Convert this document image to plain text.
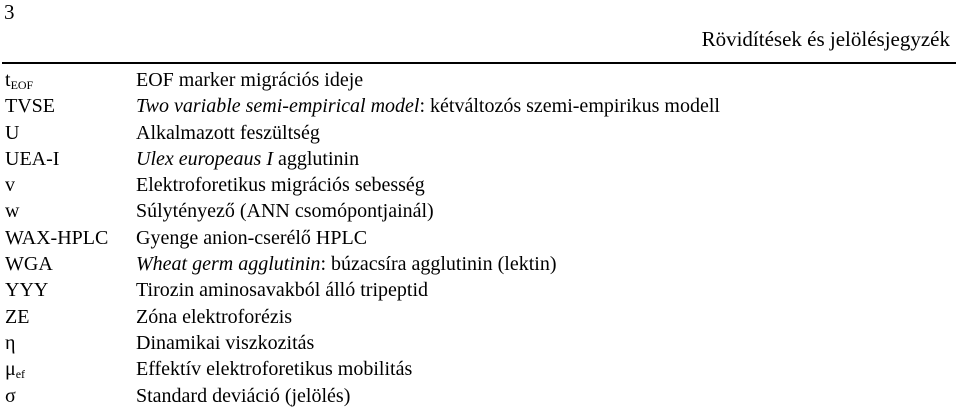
3
Rövidítések és jelölésjegyzék
$t_{EOF}$	EOF marker migrációs ideje
TVSE	Two variable semi-empirical model: kétváltozós szemi-empirikus modell
U	Alkalmazott feszültség
UEA-I	Ulex europeaus I agglutinin
v	Elektroforetikus migrációs sebesség
w	Súlytényező (ANN csomópontjainál)
WAX-HPLC Gyenge anion-cserélő HPLC
WGA	Wheat germ agglutinin: búzacsíra agglutinin (lektin)
YYY	Tirozin aminosavakból álló tripeptid
ZE	Zóna elektroforézis
η	Dinamikai viszkozitás
$\mu_{ef}$	Effektív elektroforetikus mobilitás
σ	Standard deviáció (jelölés)
